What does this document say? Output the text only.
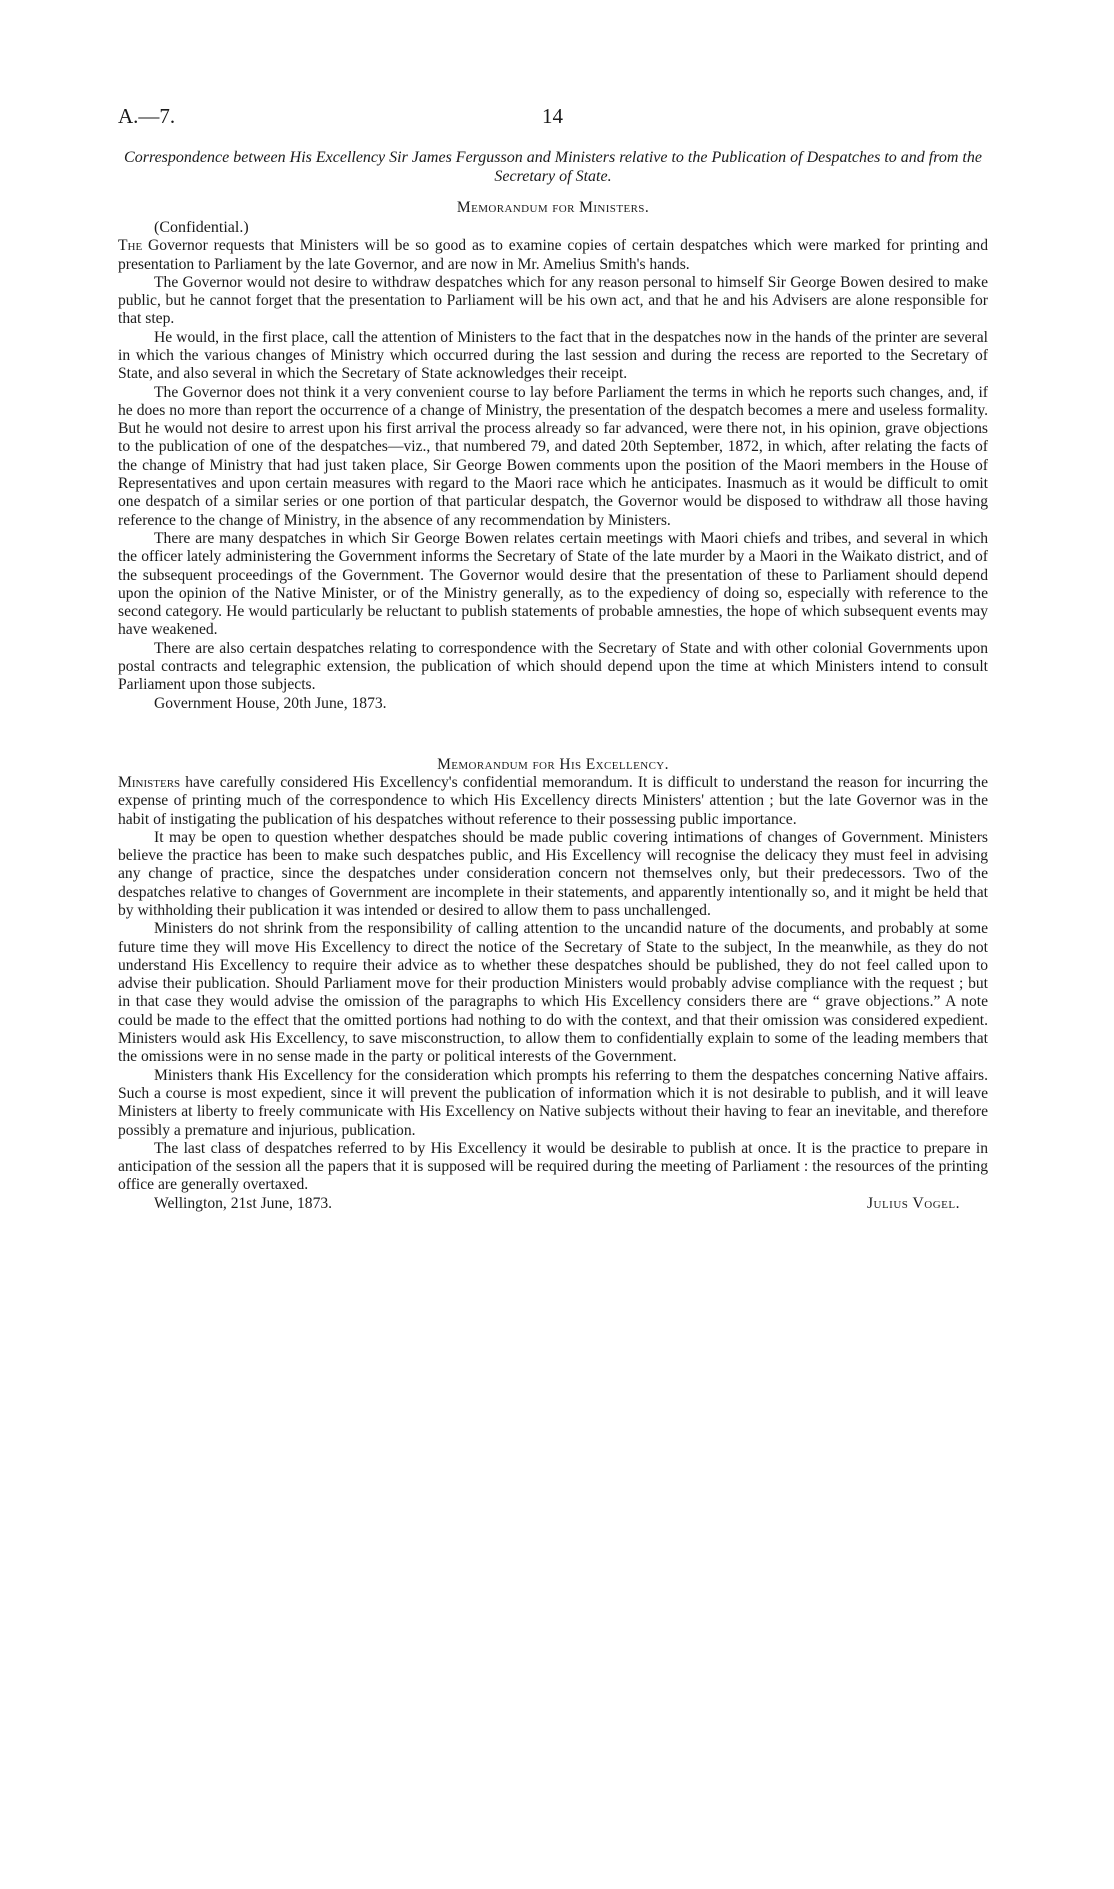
A.—7.	14
Correspondence between His Excellency Sir James Fergusson and Ministers relative to the Publication of Despatches to and from the Secretary of State.
Memorandum for Ministers.
(Confidential.)

The Governor requests that Ministers will be so good as to examine copies of certain despatches which were marked for printing and presentation to Parliament by the late Governor, and are now in Mr. Amelius Smith's hands.

The Governor would not desire to withdraw despatches which for any reason personal to himself Sir George Bowen desired to make public, but he cannot forget that the presentation to Parliament will be his own act, and that he and his Advisers are alone responsible for that step.

He would, in the first place, call the attention of Ministers to the fact that in the despatches now in the hands of the printer are several in which the various changes of Ministry which occurred during the last session and during the recess are reported to the Secretary of State, and also several in which the Secretary of State acknowledges their receipt.

The Governor does not think it a very convenient course to lay before Parliament the terms in which he reports such changes, and, if he does no more than report the occurrence of a change of Ministry, the presentation of the despatch becomes a mere and useless formality. But he would not desire to arrest upon his first arrival the process already so far advanced, were there not, in his opinion, grave objections to the publication of one of the despatches—viz., that numbered 79, and dated 20th September, 1872, in which, after relating the facts of the change of Ministry that had just taken place, Sir George Bowen comments upon the position of the Maori members in the House of Representatives and upon certain measures with regard to the Maori race which he anticipates. Inasmuch as it would be difficult to omit one despatch of a similar series or one portion of that particular despatch, the Governor would be disposed to withdraw all those having reference to the change of Ministry, in the absence of any recommendation by Ministers.

There are many despatches in which Sir George Bowen relates certain meetings with Maori chiefs and tribes, and several in which the officer lately administering the Government informs the Secretary of State of the late murder by a Maori in the Waikato district, and of the subsequent proceedings of the Government. The Governor would desire that the presentation of these to Parliament should depend upon the opinion of the Native Minister, or of the Ministry generally, as to the expediency of doing so, especially with reference to the second category. He would particularly be reluctant to publish statements of probable amnesties, the hope of which subsequent events may have weakened.

There are also certain despatches relating to correspondence with the Secretary of State and with other colonial Governments upon postal contracts and telegraphic extension, the publication of which should depend upon the time at which Ministers intend to consult Parliament upon those subjects.

Government House, 20th June, 1873.
Memorandum for His Excellency.

Ministers have carefully considered His Excellency's confidential memorandum. It is difficult to understand the reason for incurring the expense of printing much of the correspondence to which His Excellency directs Ministers' attention ; but the late Governor was in the habit of instigating the publication of his despatches without reference to their possessing public importance.

It may be open to question whether despatches should be made public covering intimations of changes of Government. Ministers believe the practice has been to make such despatches public, and His Excellency will recognise the delicacy they must feel in advising any change of practice, since the despatches under consideration concern not themselves only, but their predecessors. Two of the despatches relative to changes of Government are incomplete in their statements, and apparently intentionally so, and it might be held that by withholding their publication it was intended or desired to allow them to pass unchallenged.

Ministers do not shrink from the responsibility of calling attention to the uncandid nature of the documents, and probably at some future time they will move His Excellency to direct the notice of the Secretary of State to the subject, In the meanwhile, as they do not understand His Excellency to require their advice as to whether these despatches should be published, they do not feel called upon to advise their publication. Should Parliament move for their production Ministers would probably advise compliance with the request ; but in that case they would advise the omission of the paragraphs to which His Excellency considers there are “ grave objections.” A note could be made to the effect that the omitted portions had nothing to do with the context, and that their omission was considered expedient. Ministers would ask His Excellency, to save misconstruction, to allow them to confidentially explain to some of the leading members that the omissions were in no sense made in the party or political interests of the Government.

Ministers thank His Excellency for the consideration which prompts his referring to them the despatches concerning Native affairs. Such a course is most expedient, since it will prevent the publication of information which it is not desirable to publish, and it will leave Ministers at liberty to freely communicate with His Excellency on Native subjects without their having to fear an inevitable, and therefore possibly a premature and injurious, publication.

The last class of despatches referred to by His Excellency it would be desirable to publish at once. It is the practice to prepare in anticipation of the session all the papers that it is supposed will be required during the meeting of Parliament : the resources of the printing office are generally overtaxed.

Wellington, 21st June, 1873.	Julius Vogel.
